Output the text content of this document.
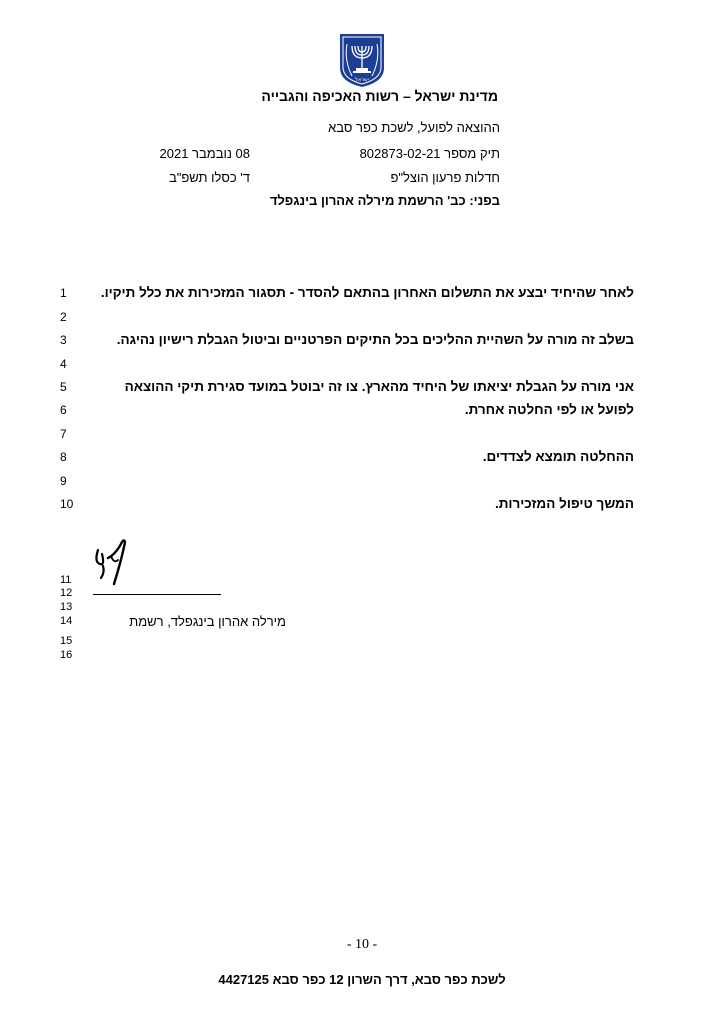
ישראל
מדינת ישראל – רשות האכיפה והגבייה
ההוצאה לפועל, לשכת כפר סבא
תיק מספר 802873-02-21
חדלות פרעון הוצל"פ
בפני: כב' הרשמת מירלה אהרון בינגפלד
08 נובמבר 2021
ד' כסלו תשפ"ב
1
2
3
4
5
6
7
8
9
10
11
12
13
14
15
16
לאחר שהיחיד יבצע את התשלום האחרון בהתאם להסדר - תסגור המזכירות את כלל תיקיו.
בשלב זה מורה על השהיית ההליכים בכל התיקים הפרטניים וביטול הגבלת רישיון נהיגה.
אני מורה על הגבלת יציאתו של היחיד מהארץ. צו זה יבוטל במועד סגירת תיקי ההוצאה
לפועל או לפי החלטה אחרת.
ההחלטה תומצא לצדדים.
המשך טיפול המזכירות.
מירלה אהרון בינגפלד, רשמת
- 10 -
לשכת כפר סבא, דרך השרון 12 כפר סבא 4427125
